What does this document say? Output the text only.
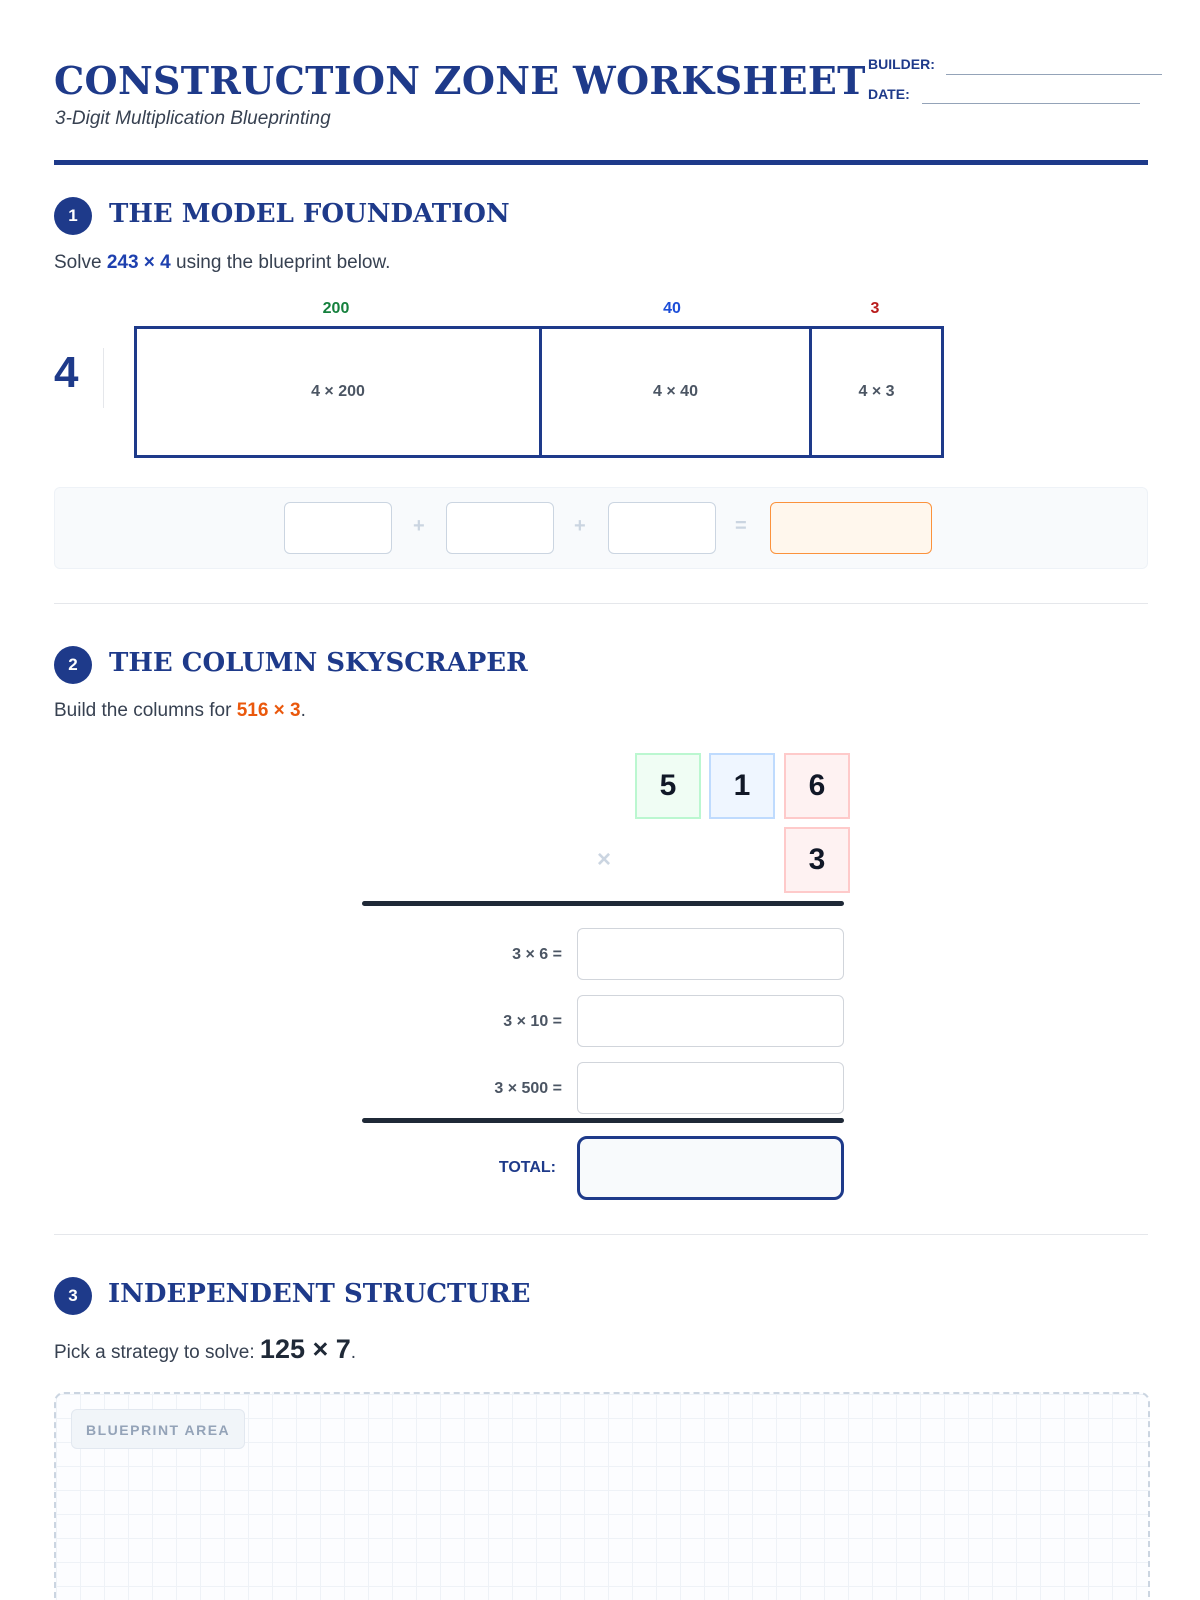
CONSTRUCTION ZONE WORKSHEET
3-Digit Multiplication Blueprinting
BUILDER:
DATE:
1	THE MODEL FOUNDATION
Solve 243 × 4 using the blueprint below.
200	40	3
4	4 × 200	4 × 40	4 × 3
+	+	=
2	THE COLUMN SKYSCRAPER
Build the columns for 516 × 3.
5	1	6
×	3
3 × 6 =
3 × 10 =
3 × 500 =
TOTAL:
3	INDEPENDENT STRUCTURE
Pick a strategy to solve: 125 × 7.
BLUEPRINT AREA
